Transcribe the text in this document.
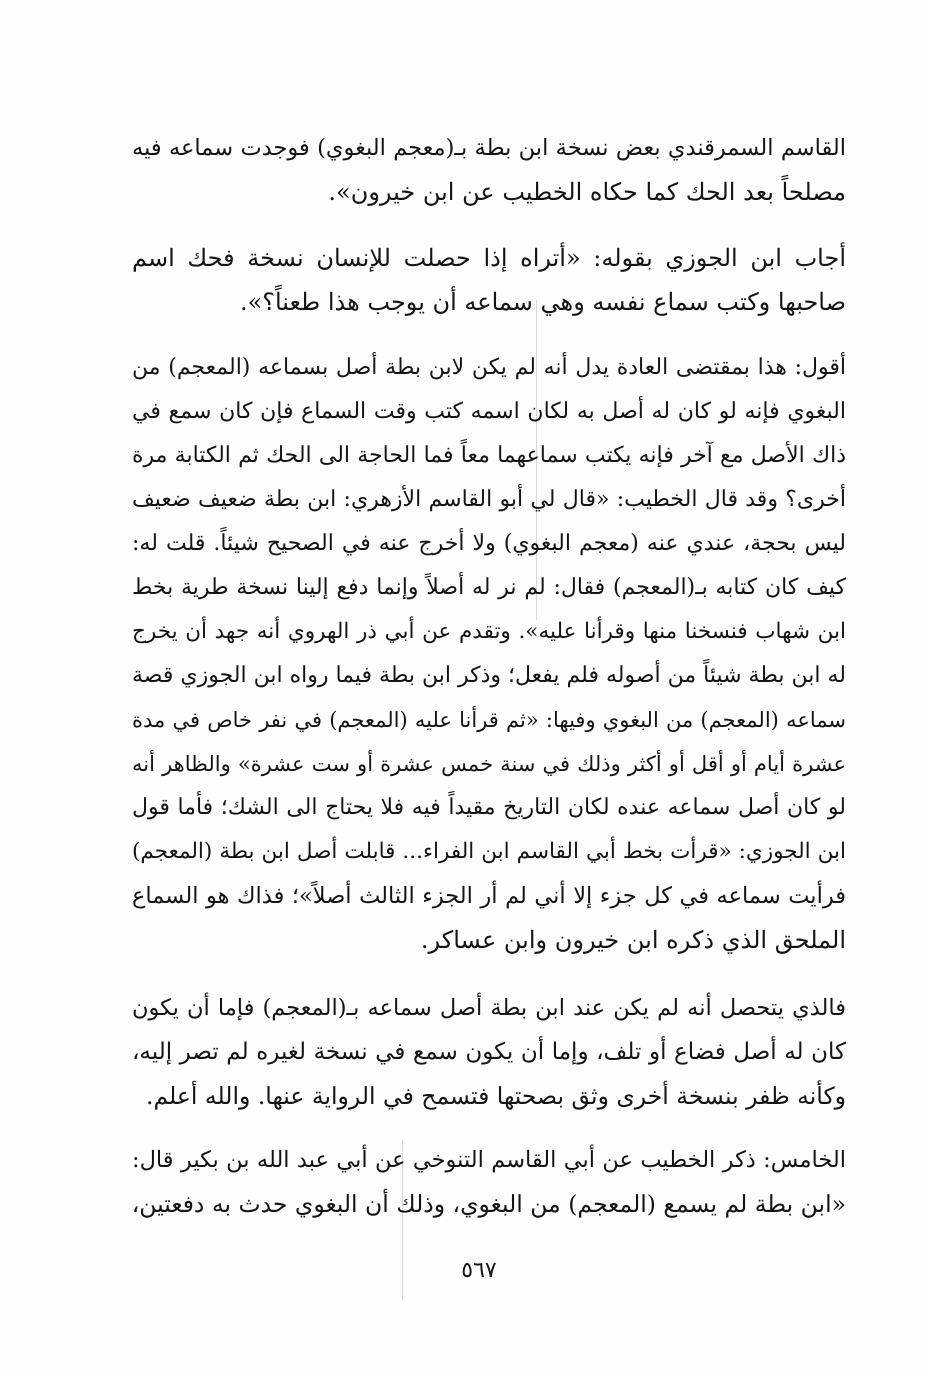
القاسم السمرقندي بعض نسخة ابن بطة بـ(معجم البغوي) فوجدت سماعه فيه
مصلحاً بعد الحك كما حكاه الخطيب عن ابن خيرون».
أجاب ابن الجوزي بقوله: «أتراه إذا حصلت للإنسان نسخة فحك اسم
صاحبها وكتب سماع نفسه وهي سماعه أن يوجب هذا طعناً؟».
أقول: هذا بمقتضى العادة يدل أنه لم يكن لابن بطة أصل بسماعه (المعجم) من
البغوي فإنه لو كان له أصل به لكان اسمه كتب وقت السماع فإن كان سمع في
ذاك الأصل مع آخر فإنه يكتب سماعهما معاً فما الحاجة الى الحك ثم الكتابة مرة
أخرى؟ وقد قال الخطيب: «قال لي أبو القاسم الأزهري: ابن بطة ضعيف ضعيف
ليس بحجة، عندي عنه (معجم البغوي) ولا أخرج عنه في الصحيح شيئاً. قلت له:
كيف كان كتابه بـ(المعجم) فقال: لم نر له أصلاً وإنما دفع إلينا نسخة طرية بخط
ابن شهاب فنسخنا منها وقرأنا عليه». وتقدم عن أبي ذر الهروي أنه جهد أن يخرج
له ابن بطة شيئاً من أصوله فلم يفعل؛ وذكر ابن بطة فيما رواه ابن الجوزي قصة
سماعه (المعجم) من البغوي وفيها: «ثم قرأنا عليه (المعجم) في نفر خاص في مدة
عشرة أيام أو أقل أو أكثر وذلك في سنة خمس عشرة أو ست عشرة» والظاهر أنه
لو كان أصل سماعه عنده لكان التاريخ مقيداً فيه فلا يحتاج الى الشك؛ فأما قول
ابن الجوزي: «قرأت بخط أبي القاسم ابن الفراء... قابلت أصل ابن بطة (المعجم)
فرأيت سماعه في كل جزء إلا أني لم أر الجزء الثالث أصلاً»؛ فذاك هو السماع
الملحق الذي ذكره ابن خيرون وابن عساكر.
فالذي يتحصل أنه لم يكن عند ابن بطة أصل سماعه بـ(المعجم) فإما أن يكون
كان له أصل فضاع أو تلف، وإما أن يكون سمع في نسخة لغيره لم تصر إليه،
وكأنه ظفر بنسخة أخرى وثق بصحتها فتسمح في الرواية عنها. والله أعلم.
الخامس: ذكر الخطيب عن أبي القاسم التنوخي عن أبي عبد الله بن بكير قال:
«ابن بطة لم يسمع (المعجم) من البغوي، وذلك أن البغوي حدث به دفعتين،
٥٦٧
